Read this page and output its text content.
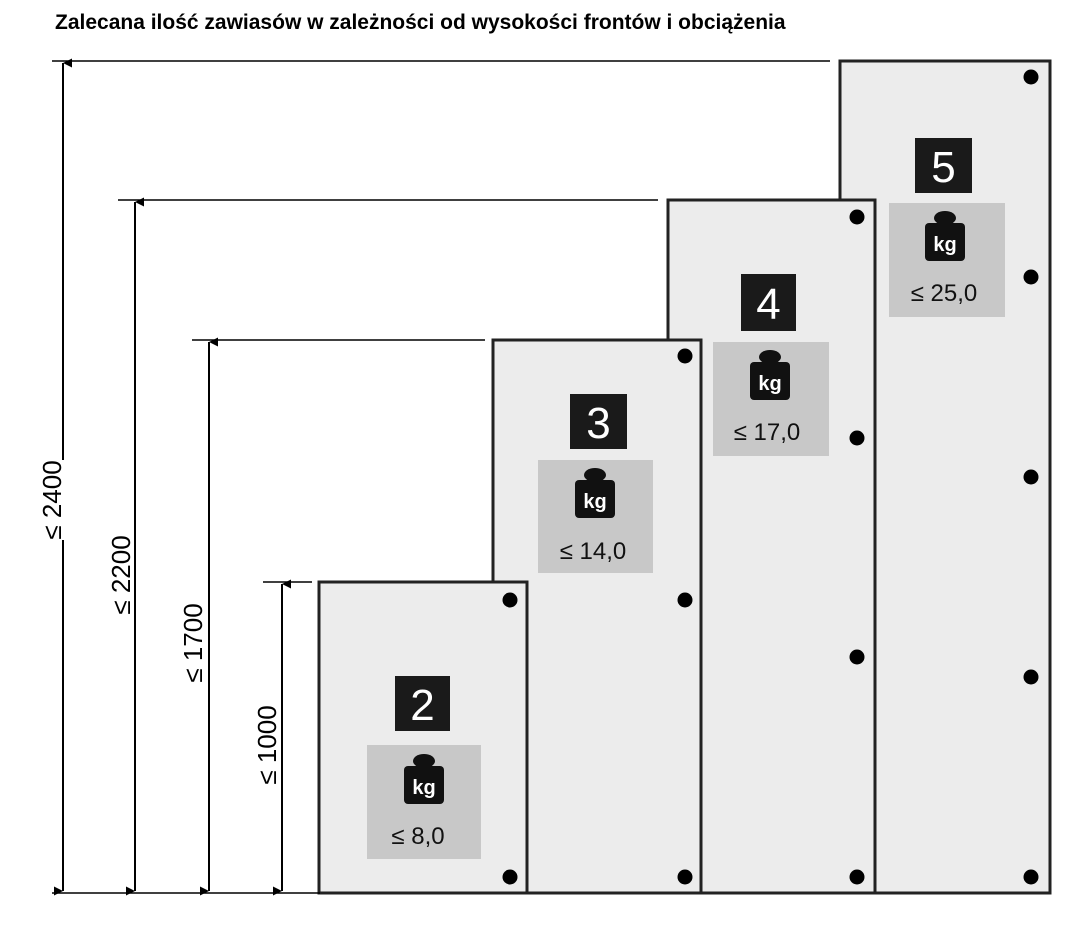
Zalecana ilość zawiasów w zależności od wysokości frontów i obciążenia
≤ 2400
≤ 2200
≤ 1700
≤ 1000	2
kg
≤ 8,0
3
kg
≤ 14,0
4
kg
≤ 17,0
5
kg
≤ 25,0
